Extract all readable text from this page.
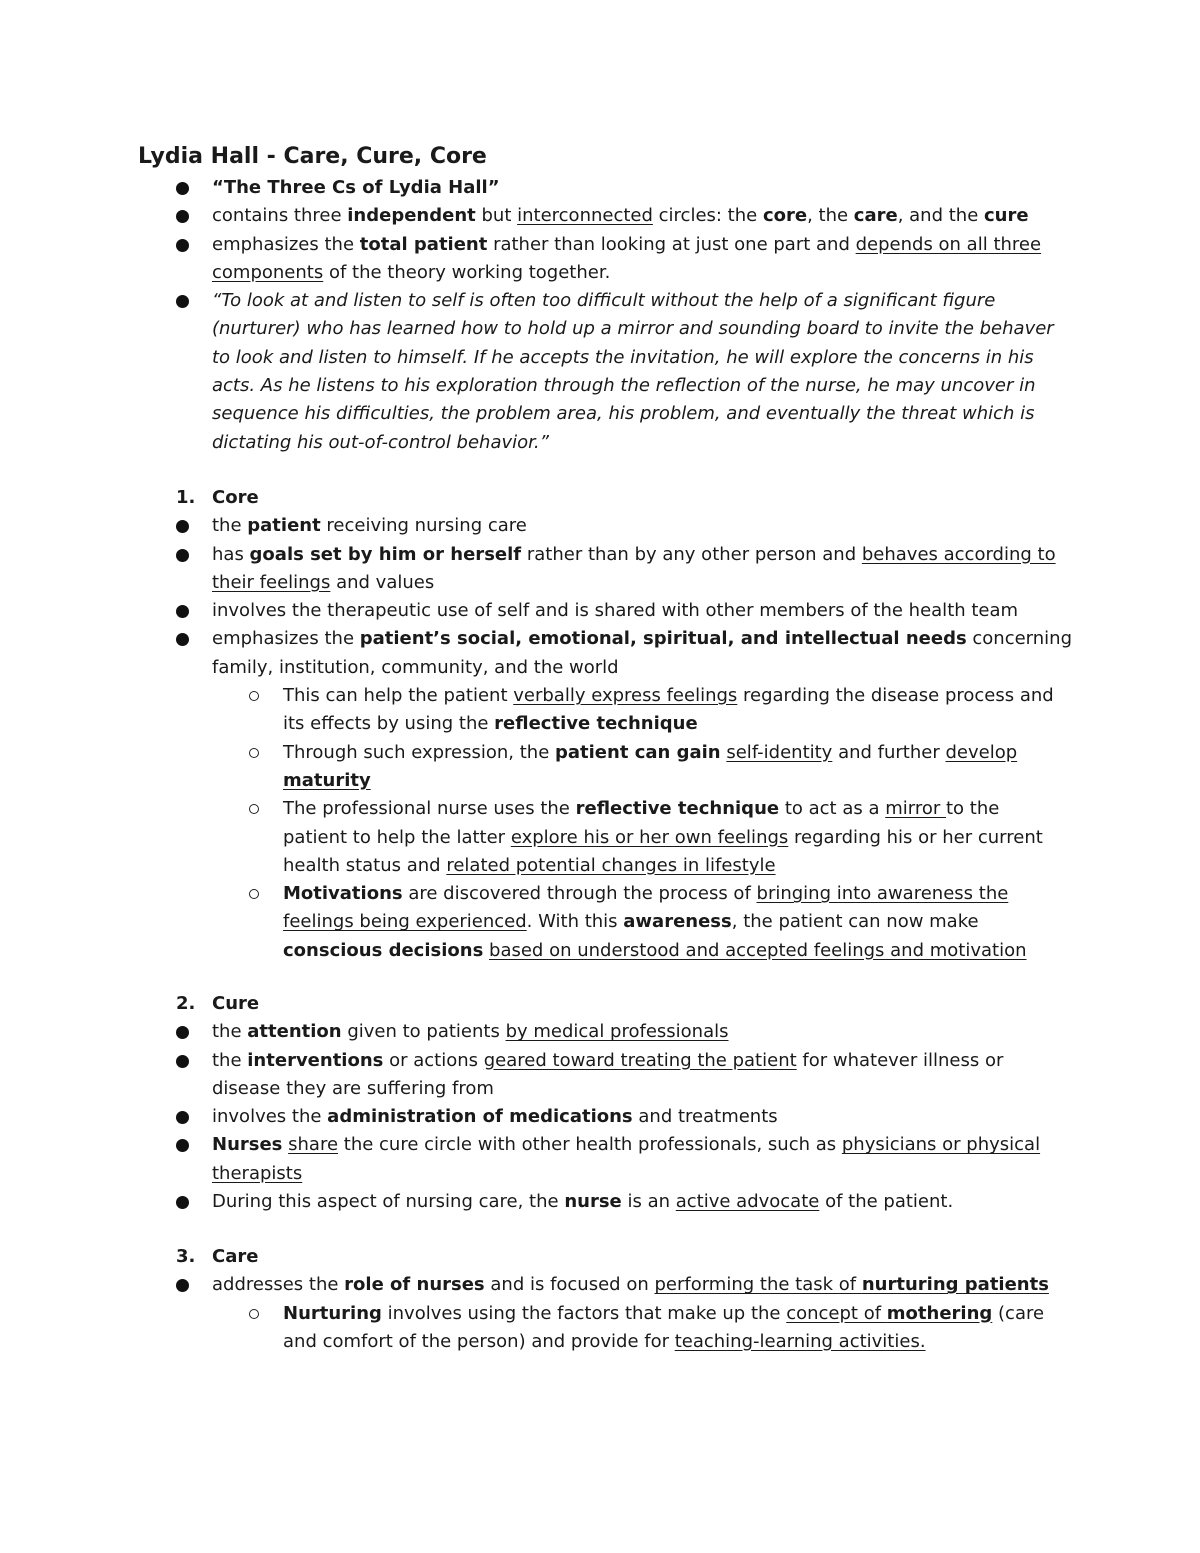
Lydia Hall - Care, Cure, Core
“The Three Cs of Lydia Hall”
contains three independent but interconnected circles: the core, the care, and the cure
emphasizes the total patient rather than looking at just one part and depends on all three components of the theory working together.
“To look at and listen to self is often too difficult without the help of a significant figure (nurturer) who has learned how to hold up a mirror and sounding board to invite the behaver to look and listen to himself. If he accepts the invitation, he will explore the concerns in his acts. As he listens to his exploration through the reflection of the nurse, he may uncover in sequence his difficulties, the problem area, his problem, and eventually the threat which is dictating his out-of-control behavior.”
1. Core
the patient receiving nursing care
has goals set by him or herself rather than by any other person and behaves according to their feelings and values
involves the therapeutic use of self and is shared with other members of the health team
emphasizes the patient’s social, emotional, spiritual, and intellectual needs concerning family, institution, community, and the world
This can help the patient verbally express feelings regarding the disease process and its effects by using the reflective technique
Through such expression, the patient can gain self-identity and further develop maturity
The professional nurse uses the reflective technique to act as a mirror to the patient to help the latter explore his or her own feelings regarding his or her current health status and related potential changes in lifestyle
Motivations are discovered through the process of bringing into awareness the feelings being experienced. With this awareness, the patient can now make conscious decisions based on understood and accepted feelings and motivation
2. Cure
the attention given to patients by medical professionals
the interventions or actions geared toward treating the patient for whatever illness or disease they are suffering from
involves the administration of medications and treatments
Nurses share the cure circle with other health professionals, such as physicians or physical therapists
During this aspect of nursing care, the nurse is an active advocate of the patient.
3. Care
addresses the role of nurses and is focused on performing the task of nurturing patients
Nurturing involves using the factors that make up the concept of mothering (care and comfort of the person) and provide for teaching-learning activities.
